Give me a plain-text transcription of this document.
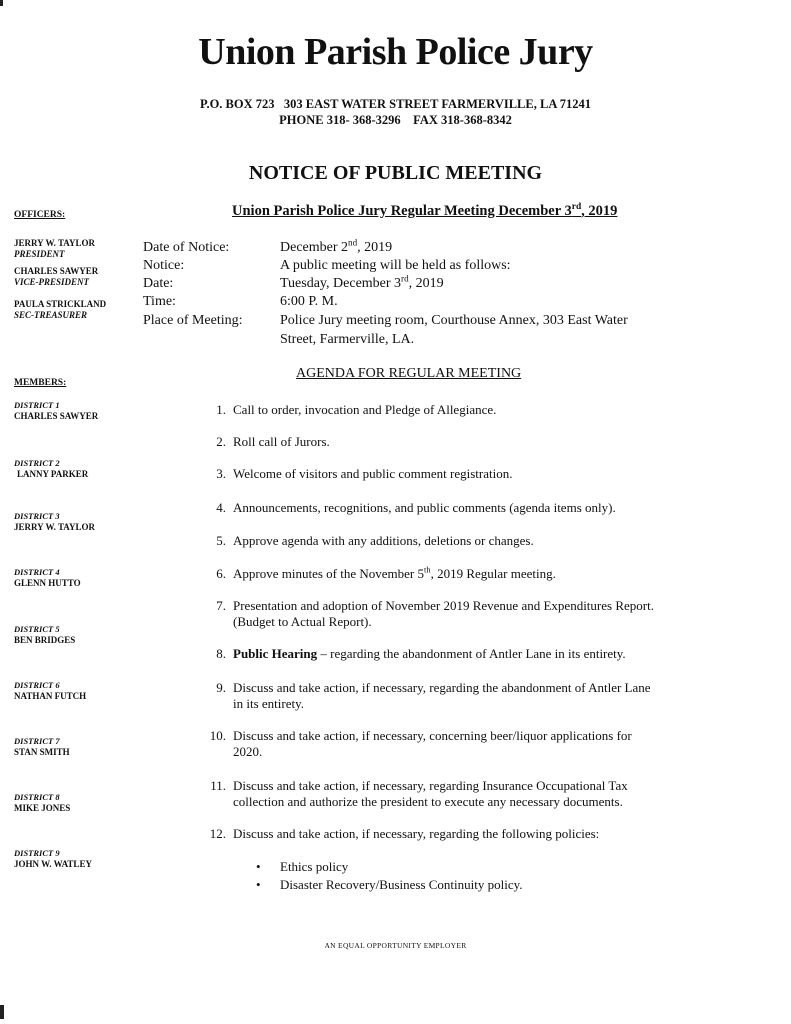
Union Parish Police Jury
P.O. BOX 723   303 EAST WATER STREET FARMERVILLE, LA 71241
PHONE 318- 368-3296    FAX 318-368-8342
NOTICE OF PUBLIC MEETING
Union Parish Police Jury Regular Meeting December 3rd, 2019
OFFICERS:
JERRY W. TAYLOR
PRESIDENT
CHARLES SAWYER
VICE-PRESIDENT
PAULA STRICKLAND
SEC-TREASURER
MEMBERS:
DISTRICT 1
CHARLES SAWYER
DISTRICT 2
LANNY PARKER
DISTRICT 3
JERRY W. TAYLOR
DISTRICT 4
GLENN HUTTO
DISTRICT 5
BEN BRIDGES
DISTRICT 6
NATHAN FUTCH
DISTRICT 7
STAN SMITH
DISTRICT 8
MIKE JONES
DISTRICT 9
JOHN W. WATLEY
Date of Notice:	December 2nd, 2019
Notice:	A public meeting will be held as follows:
Date:	Tuesday, December 3rd, 2019
Time:	6:00 P. M.
Place of Meeting:	Police Jury meeting room, Courthouse Annex, 303 East Water
Street, Farmerville, LA.
AGENDA FOR REGULAR MEETING
1. Call to order, invocation and Pledge of Allegiance.
2. Roll call of Jurors.
3. Welcome of visitors and public comment registration.
4. Announcements, recognitions, and public comments (agenda items only).
5. Approve agenda with any additions, deletions or changes.
6. Approve minutes of the November 5th, 2019 Regular meeting.
7. Presentation and adoption of November 2019 Revenue and Expenditures Report.
(Budget to Actual Report).
8. Public Hearing – regarding the abandonment of Antler Lane in its entirety.
9. Discuss and take action, if necessary, regarding the abandonment of Antler Lane
in its entirety.
10. Discuss and take action, if necessary, concerning beer/liquor applications for
2020.
11. Discuss and take action, if necessary, regarding Insurance Occupational Tax
collection and authorize the president to execute any necessary documents.
12. Discuss and take action, if necessary, regarding the following policies:
• Ethics policy
• Disaster Recovery/Business Continuity policy.
AN EQUAL OPPORTUNITY EMPLOYER
